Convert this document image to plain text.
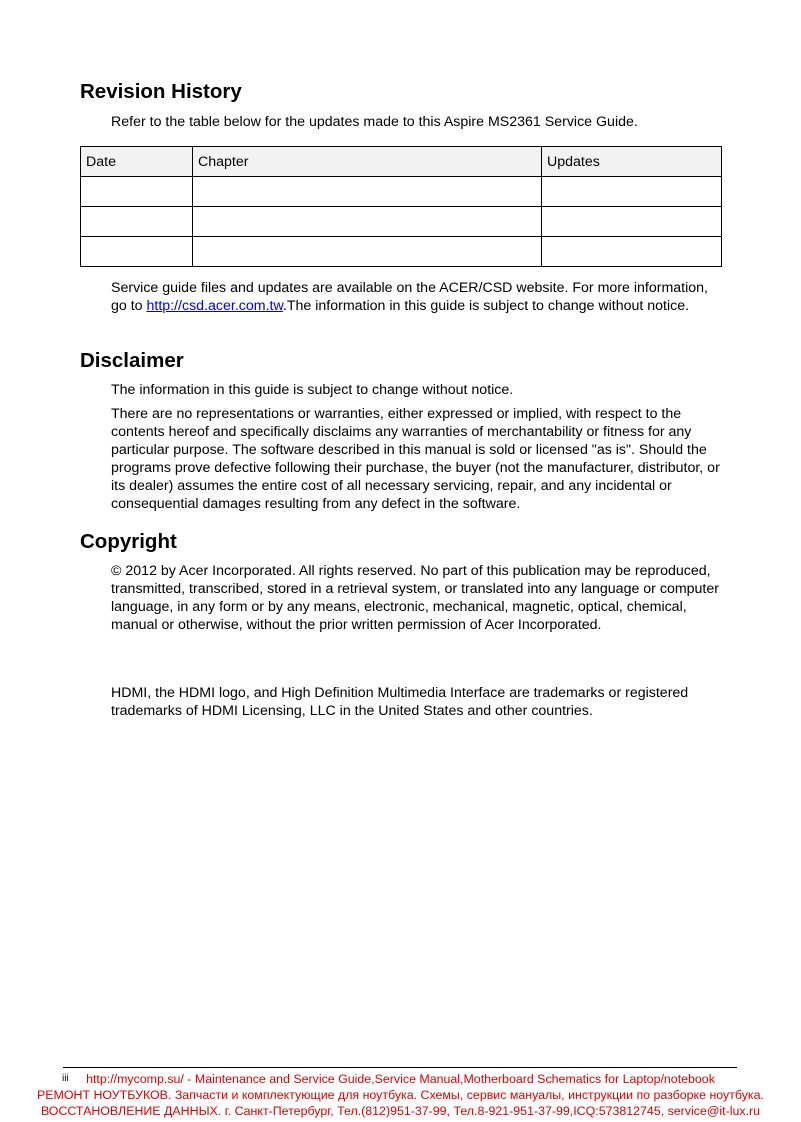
Revision History

Refer to the table below for the updates made to this Aspire MS2361 Service Guide.

Date	Chapter	Updates

Service guide files and updates are available on the ACER/CSD website. For more information, go to http://csd.acer.com.tw.The information in this guide is subject to change without notice.

Disclaimer

The information in this guide is subject to change without notice.

There are no representations or warranties, either expressed or implied, with respect to the contents hereof and specifically disclaims any warranties of merchantability or fitness for any particular purpose. The software described in this manual is sold or licensed "as is". Should the programs prove defective following their purchase, the buyer (not the manufacturer, distributor, or its dealer) assumes the entire cost of all necessary servicing, repair, and any incidental or consequential damages resulting from any defect in the software.

Copyright

© 2012 by Acer Incorporated. All rights reserved. No part of this publication may be reproduced, transmitted, transcribed, stored in a retrieval system, or translated into any language or computer language, in any form or by any means, electronic, mechanical, magnetic, optical, chemical, manual or otherwise, without the prior written permission of Acer Incorporated.

HDMI, the HDMI logo, and High Definition Multimedia Interface are trademarks or registered trademarks of HDMI Licensing, LLC in the United States and other countries.

iii	http://mycomp.su/ - Maintenance and Service Guide,Service Manual,Motherboard Schematics for Laptop/notebook

РЕМОНТ НОУТБУКОВ. Запчасти и комплектующие для ноутбука. Схемы, сервис мануалы, инструкции по разборке ноутбука.

ВОССТАНОВЛЕНИЕ ДАННЫХ. г. Санкт-Петербург, Тел.(812)951-37-99, Тел.8-921-951-37-99,ICQ:573812745, service@it-lux.ru
